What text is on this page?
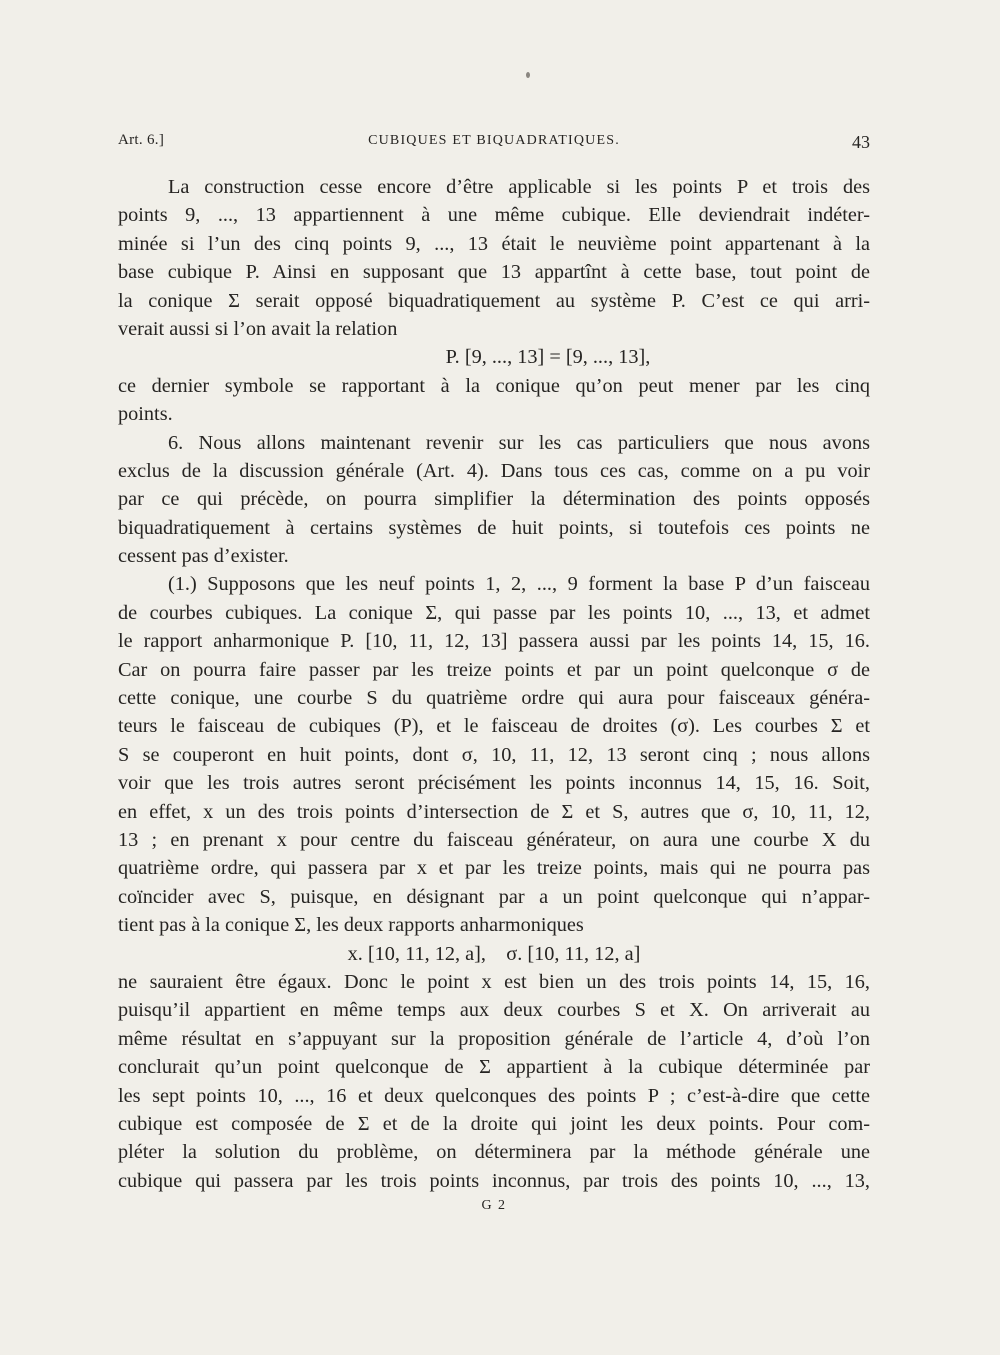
Art. 6.]	CUBIQUES ET BIQUADRATIQUES.	43
La construction cesse encore d’être applicable si les points P et trois des
points 9, ..., 13 appartiennent à une même cubique. Elle deviendrait indéter-
minée si l’un des cinq points 9, ..., 13 était le neuvième point appartenant à la
base cubique P. Ainsi en supposant que 13 appartînt à cette base, tout point de
la conique Σ serait opposé biquadratiquement au système P. C’est ce qui arri-
verait aussi si l’on avait la relation
P. [9, ..., 13] = [9, ..., 13],
ce dernier symbole se rapportant à la conique qu’on peut mener par les cinq
points.
6. Nous allons maintenant revenir sur les cas particuliers que nous avons
exclus de la discussion générale (Art. 4). Dans tous ces cas, comme on a pu voir
par ce qui précède, on pourra simplifier la détermination des points opposés
biquadratiquement à certains systèmes de huit points, si toutefois ces points ne
cessent pas d’exister.
(1.) Supposons que les neuf points 1, 2, ..., 9 forment la base P d’un faisceau
de courbes cubiques. La conique Σ, qui passe par les points 10, ..., 13, et admet
le rapport anharmonique P. [10, 11, 12, 13] passera aussi par les points 14, 15, 16.
Car on pourra faire passer par les treize points et par un point quelconque σ de
cette conique, une courbe S du quatrième ordre qui aura pour faisceaux généra-
teurs le faisceau de cubiques (P), et le faisceau de droites (σ). Les courbes Σ et
S se couperont en huit points, dont σ, 10, 11, 12, 13 seront cinq ; nous allons
voir que les trois autres seront précisément les points inconnus 14, 15, 16. Soit,
en effet, x un des trois points d’intersection de Σ et S, autres que σ, 10, 11, 12,
13 ; en prenant x pour centre du faisceau générateur, on aura une courbe X du
quatrième ordre, qui passera par x et par les treize points, mais qui ne pourra pas
coïncider avec S, puisque, en désignant par a un point quelconque qui n’appar-
tient pas à la conique Σ, les deux rapports anharmoniques
x. [10, 11, 12, a],    σ. [10, 11, 12, a]
ne sauraient être égaux. Donc le point x est bien un des trois points 14, 15, 16,
puisqu’il appartient en même temps aux deux courbes S et X. On arriverait au
même résultat en s’appuyant sur la proposition générale de l’article 4, d’où l’on
conclurait qu’un point quelconque de Σ appartient à la cubique déterminée par
les sept points 10, ..., 16 et deux quelconques des points P ; c’est-à-dire que cette
cubique est composée de Σ et de la droite qui joint les deux points. Pour com-
pléter la solution du problème, on déterminera par la méthode générale une
cubique qui passera par les trois points inconnus, par trois des points 10, ..., 13,
G 2
